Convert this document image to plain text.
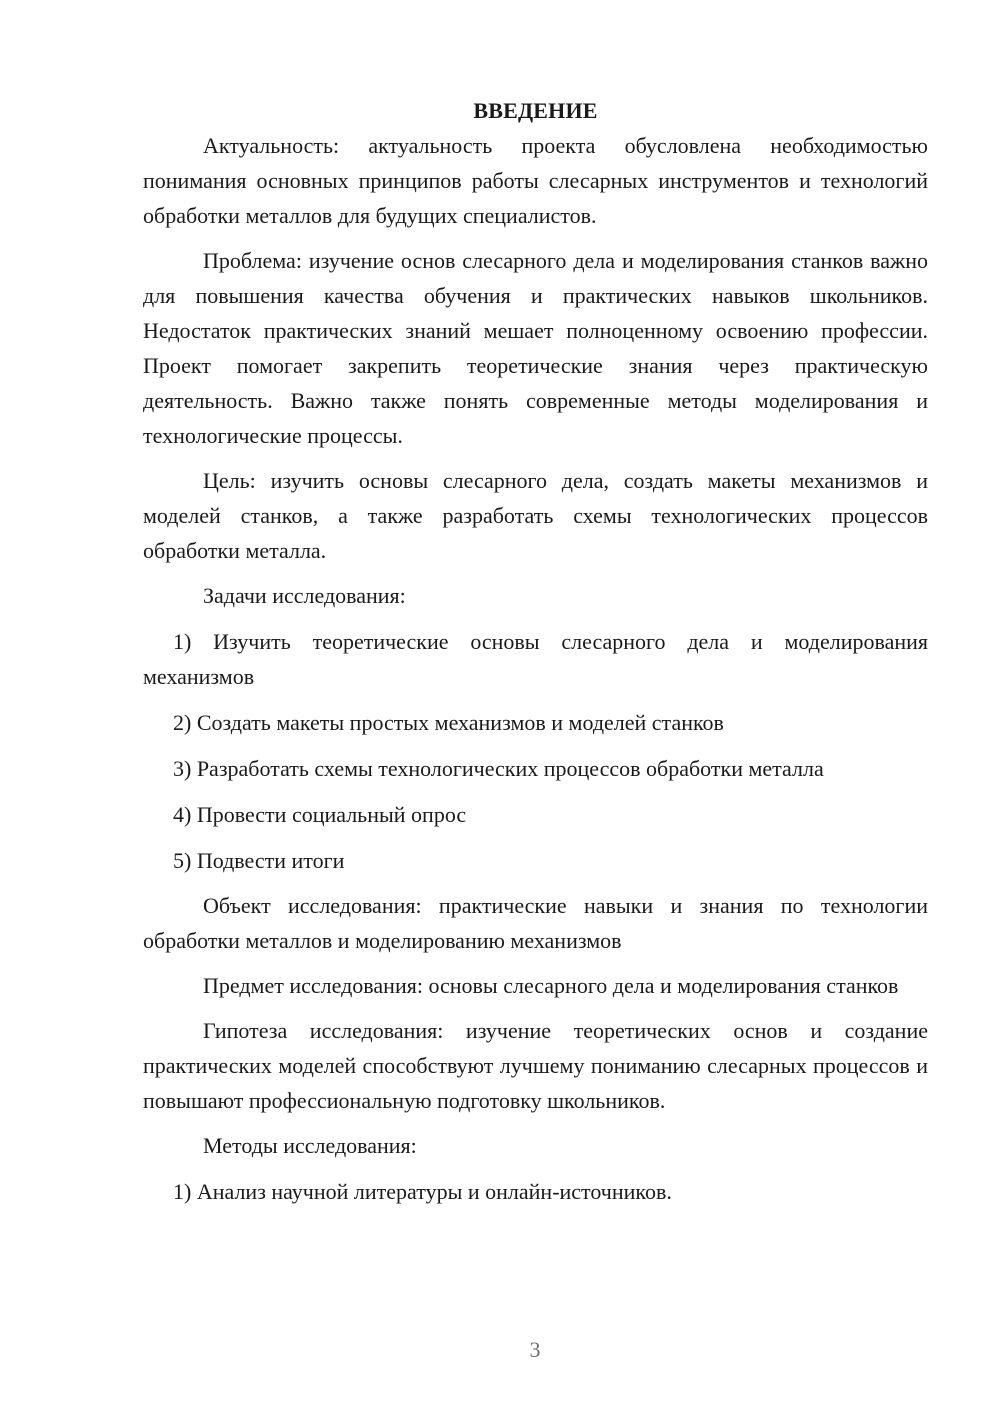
ВВЕДЕНИЕ

Актуальность: актуальность проекта обусловлена необходимостью понимания основных принципов работы слесарных инструментов и технологий обработки металлов для будущих специалистов.

Проблема: изучение основ слесарного дела и моделирования станков важно для повышения качества обучения и практических навыков школьников. Недостаток практических знаний мешает полноценному освоению профессии. Проект помогает закрепить теоретические знания через практическую деятельность. Важно также понять современные методы моделирования и технологические процессы.

Цель: изучить основы слесарного дела, создать макеты механизмов и моделей станков, а также разработать схемы технологических процессов обработки металла.

Задачи исследования:

1) Изучить теоретические основы слесарного дела и моделирования механизмов

2) Создать макеты простых механизмов и моделей станков

3) Разработать схемы технологических процессов обработки металла

4) Провести социальный опрос

5) Подвести итоги

Объект исследования: практические навыки и знания по технологии обработки металлов и моделированию механизмов

Предмет исследования: основы слесарного дела и моделирования станков

Гипотеза исследования: изучение теоретических основ и создание практических моделей способствуют лучшему пониманию слесарных процессов и повышают профессиональную подготовку школьников.

Методы исследования:

1) Анализ научной литературы и онлайн-источников.

3
